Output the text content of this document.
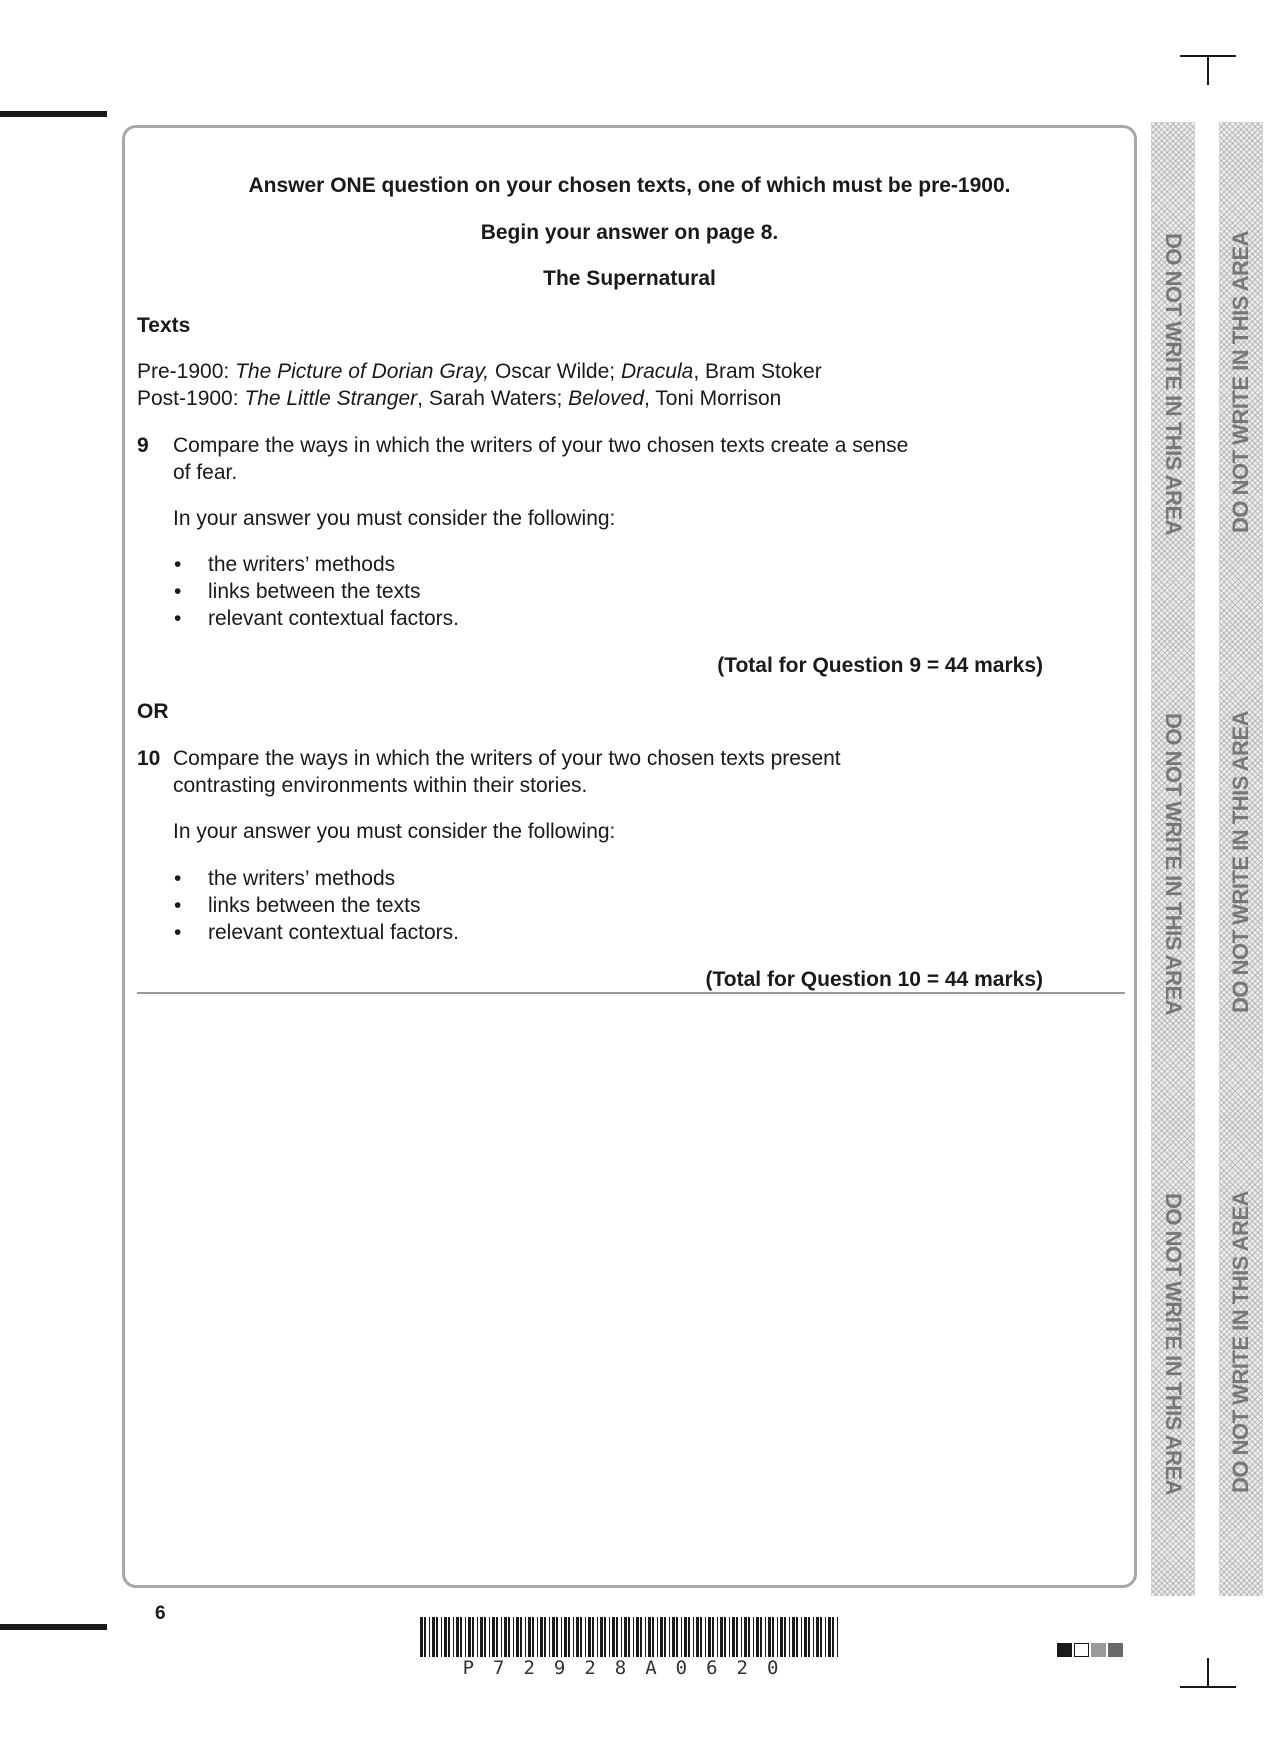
Answer ONE question on your chosen texts, one of which must be pre-1900.
Begin your answer on page 8.
The Supernatural
Texts
Pre-1900: The Picture of Dorian Gray, Oscar Wilde; Dracula, Bram Stoker
Post-1900: The Little Stranger, Sarah Waters; Beloved, Toni Morrison
9 Compare the ways in which the writers of your two chosen texts create a sense
of fear.
In your answer you must consider the following:
• the writers’ methods
• links between the texts
• relevant contextual factors.
(Total for Question 9 = 44 marks)
OR
10 Compare the ways in which the writers of your two chosen texts present
contrasting environments within their stories.
In your answer you must consider the following:
• the writers’ methods
• links between the texts
• relevant contextual factors.
(Total for Question 10 = 44 marks)
DO NOT WRITE IN THIS AREA
DO NOT WRITE IN THIS AREA
DO NOT WRITE IN THIS AREA
DO NOT WRITE IN THIS AREA
DO NOT WRITE IN THIS AREA
DO NOT WRITE IN THIS AREA
6
P72928A0620
